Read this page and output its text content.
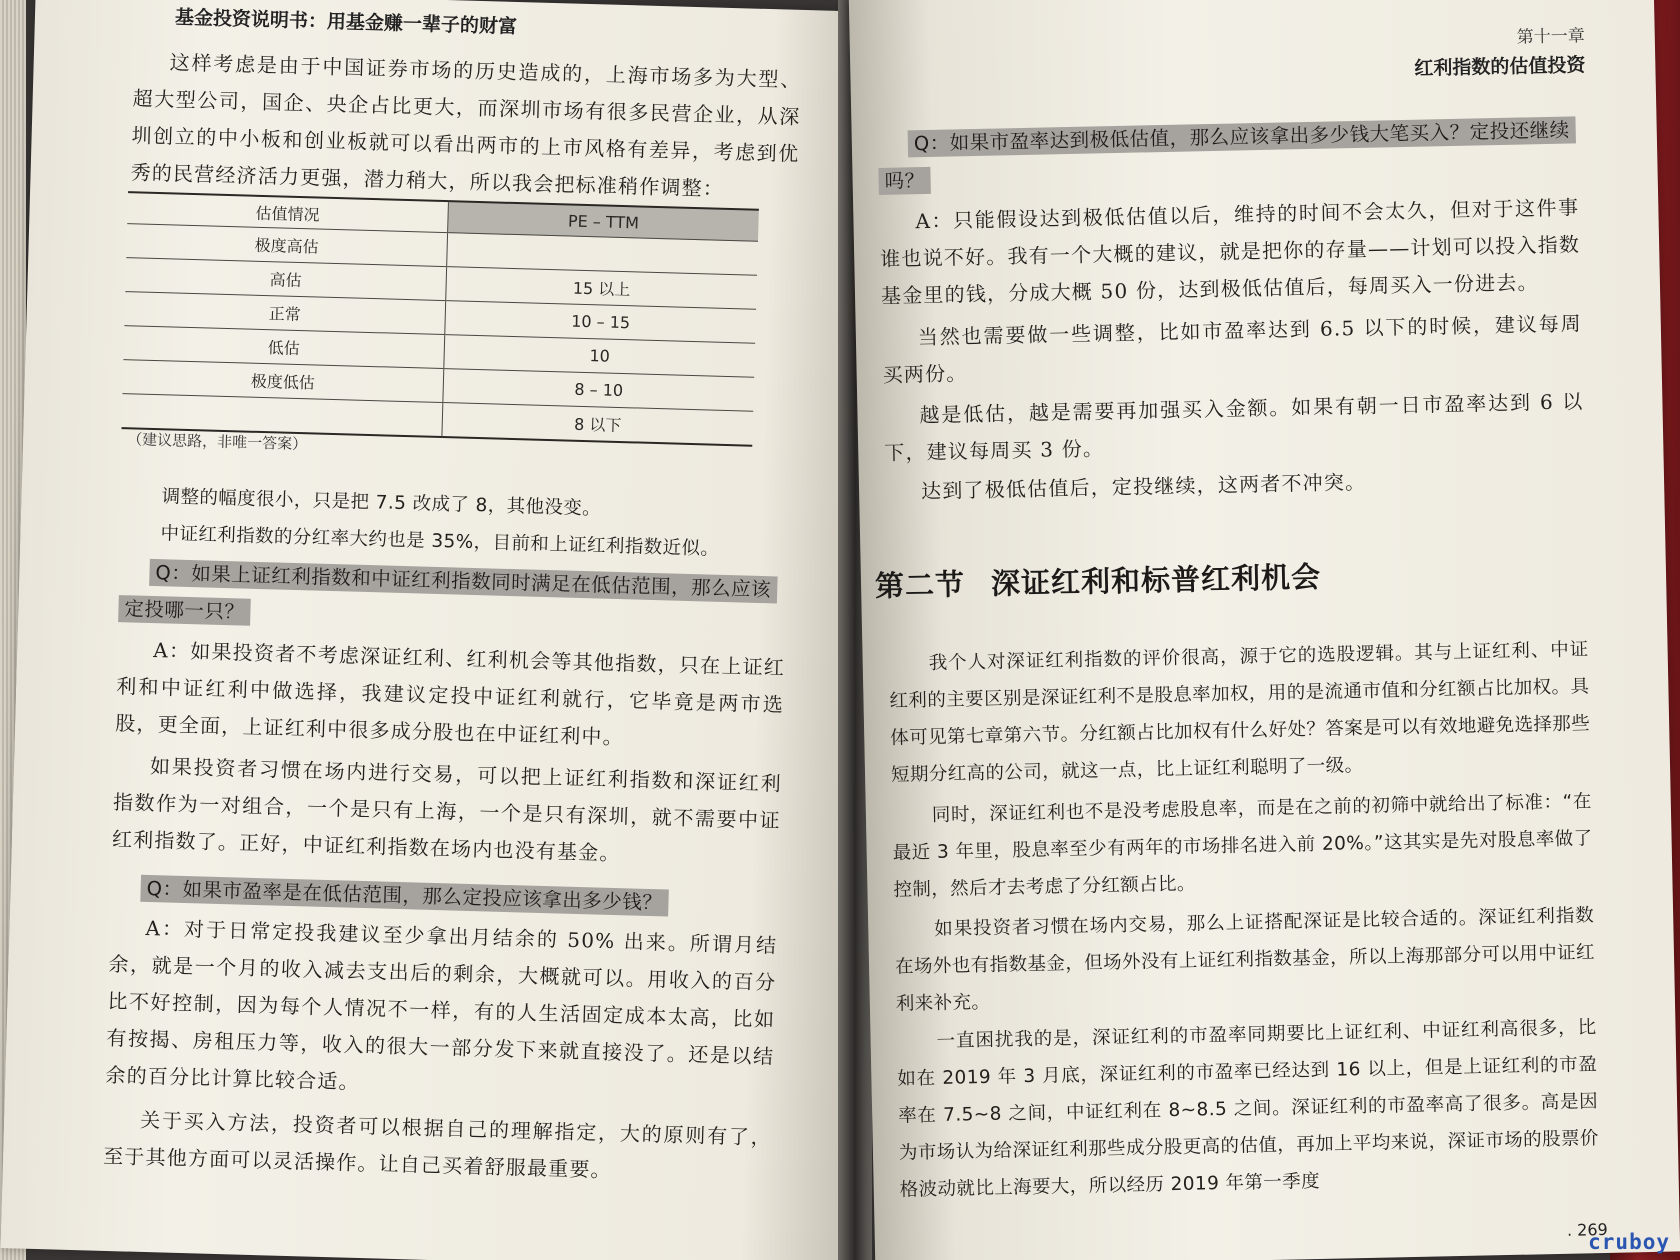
基金投资说明书：用基金赚一辈子的财富
这样考虑是由于中国证券市场的历史造成的，上海市场多为大型、超大型公司，国企、央企占比更大，而深圳市场有很多民营企业，从深圳创立的中小板和创业板就可以看出两市的上市风格有差异，考虑到优秀的民营经济活力更强，潜力稍大，所以我会把标准稍作调整：
估值情况	PE – TTM
极度高估	
高估	15 以上
正常	10 – 15
低估	10
极度低估	8 – 10
	8 以下
（建议思路，非唯一答案）
调整的幅度很小，只是把 7.5 改成了 8，其他没变。
中证红利指数的分红率大约也是 35%，目前和上证红利指数近似。
Q：如果上证红利指数和中证红利指数同时满足在低估范围，那么应该定投哪一只？
A：如果投资者不考虑深证红利、红利机会等其他指数，只在上证红利和中证红利中做选择，我建议定投中证红利就行，它毕竟是两市选股，更全面，上证红利中很多成分股也在中证红利中。
如果投资者习惯在场内进行交易，可以把上证红利指数和深证红利指数作为一对组合，一个是只有上海，一个是只有深圳，就不需要中证红利指数了。正好，中证红利指数在场内也没有基金。
Q：如果市盈率是在低估范围，那么定投应该拿出多少钱？
A：对于日常定投我建议至少拿出月结余的 50% 出来。所谓月结余，就是一个月的收入减去支出后的剩余，大概就可以。用收入的百分比不好控制，因为每个人情况不一样，有的人生活固定成本太高，比如有按揭、房租压力等，收入的很大一部分发下来就直接没了。还是以结余的百分比计算比较合适。
关于买入方法，投资者可以根据自己的理解指定，大的原则有了，至于其他方面可以灵活操作。让自己买着舒服最重要。
第十一章
红利指数的估值投资
Q：如果市盈率达到极低估值，那么应该拿出多少钱大笔买入？定投还继续吗？
A：只能假设达到极低估值以后，维持的时间不会太久，但对于这件事谁也说不好。我有一个大概的建议，就是把你的存量——计划可以投入指数基金里的钱，分成大概 50 份，达到极低估值后，每周买入一份进去。
当然也需要做一些调整，比如市盈率达到 6.5 以下的时候，建议每周买两份。
越是低估，越是需要再加强买入金额。如果有朝一日市盈率达到 6 以下，建议每周买 3 份。
达到了极低估值后，定投继续，这两者不冲突。
第二节 深证红利和标普红利机会
我个人对深证红利指数的评价很高，源于它的选股逻辑。其与上证红利、中证红利的主要区别是深证红利不是股息率加权，用的是流通市值和分红额占比加权。具体可见第七章第六节。分红额占比加权有什么好处？答案是可以有效地避免选择那些短期分红高的公司，就这一点，比上证红利聪明了一级。
同时，深证红利也不是没考虑股息率，而是在之前的初筛中就给出了标准：“在最近 3 年里，股息率至少有两年的市场排名进入前 20%。”这其实是先对股息率做了控制，然后才去考虑了分红额占比。
如果投资者习惯在场内交易，那么上证搭配深证是比较合适的。深证红利指数在场外也有指数基金，但场外没有上证红利指数基金，所以上海那部分可以用中证红利来补充。
一直困扰我的是，深证红利的市盈率同期要比上证红利、中证红利高很多，比如在 2019 年 3 月底，深证红利的市盈率已经达到 16 以上，但是上证红利的市盈率在 7.5~8 之间，中证红利在 8~8.5 之间。深证红利的市盈率高了很多。高是因为市场认为给深证红利那些成分股更高的估值，再加上平均来说，深证市场的股票价格波动就比上海要大，所以经历 2019 年第一季度
. 269
cruboy
